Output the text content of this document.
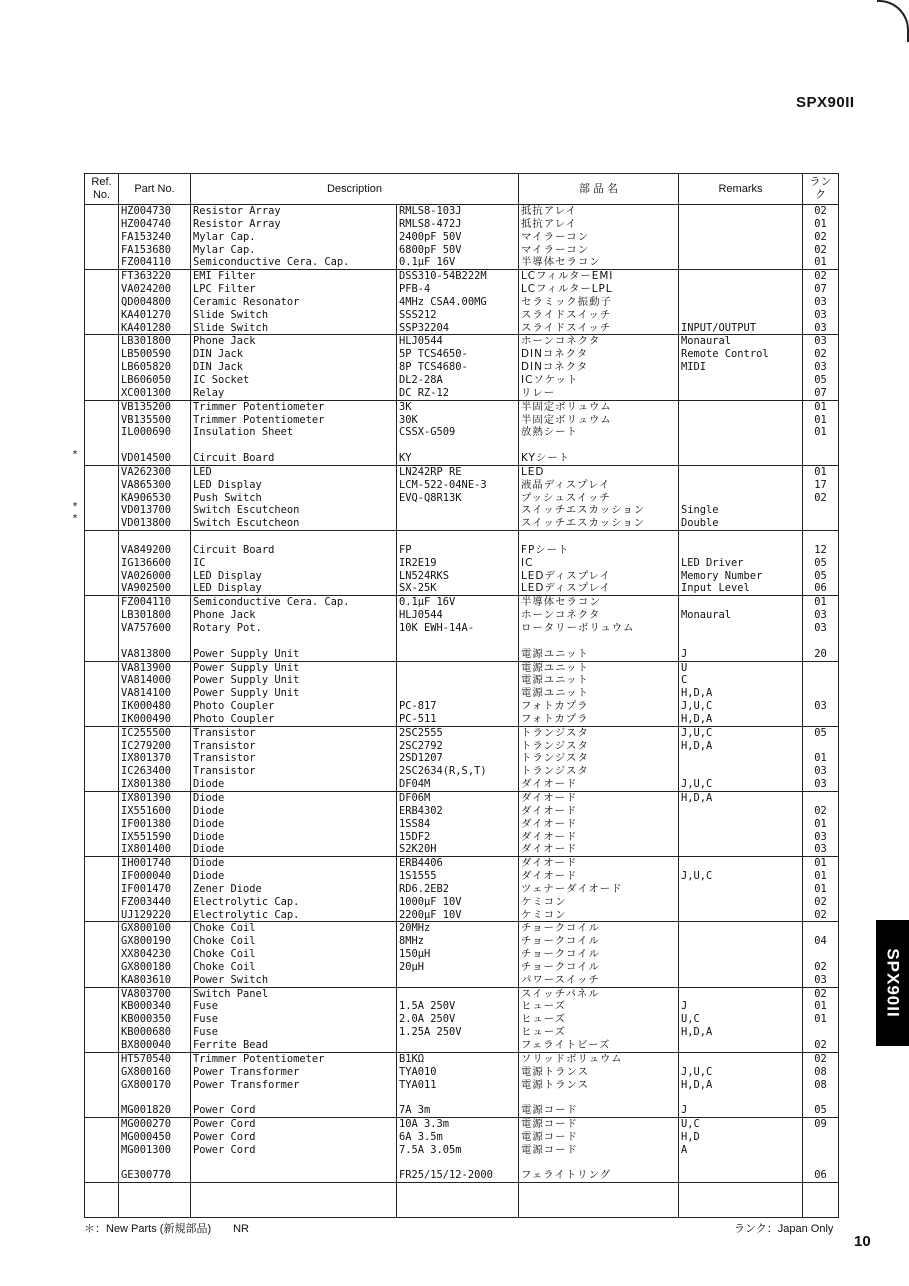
SPX90II
Ref. No.	Part No.	Description		部 品 名	Remarks	ランク
	HZ004730	Resistor Array	RMLS8-103J	抵抗アレイ		02
	HZ004740	Resistor Array	RMLS8-472J	抵抗アレイ		01
	FA153240	Mylar Cap.	2400pF 50V	マイラーコン		02
	FA153680	Mylar Cap.	6800pF 50V	マイラーコン		02
	FZ004110	Semiconductive Cera. Cap.	0.1μF 16V	半導体セラコン		01
	FT363220	EMI Filter	DSS310-54B222M	LCフィルターEMI		02
	VA024200	LPC Filter	PFB-4	LCフィルターLPL		07
	QD004800	Ceramic Resonator	4MHz CSA4.00MG	セラミック振動子		03
	KA401270	Slide Switch	SSS212	スライドスイッチ		03
	KA401280	Slide Switch	SSP32204	スライドスイッチ	INPUT/OUTPUT	03
	LB301800	Phone Jack	HLJ0544	ホーンコネクタ	Monaural	03
	LB500590	DIN Jack	5P TCS4650-	DINコネクタ	Remote Control	02
	LB605820	DIN Jack	8P TCS4680-	DINコネクタ	MIDI	03
	LB606050	IC Socket	DL2-28A	ICソケット		05
	XC001300	Relay	DC RZ-12	リレー		07
	VB135200	Trimmer Potentiometer	3K	半固定ボリュウム		01
	VB135500	Trimmer Potentiometer	30K	半固定ボリュウム		01
	IL000690	Insulation Sheet	CSSX-G509	放熱シート		01

	VD014500	Circuit Board	KY	KYシート		
	VA262300	LED	LN242RP RE	LED		01
	VA865300	LED Display	LCM-522-04NE-3	液晶ディスプレイ		17
	KA906530	Push Switch	EVQ-Q8R13K	プッシュスイッチ		02
	VD013700	Switch Escutcheon		スイッチエスカッション	Single	
	VD013800	Switch Escutcheon		スイッチエスカッション	Double	

	VA849200	Circuit Board	FP	FPシート		12
	IG136600	IC	IR2E19	IC	LED Driver	05
	VA026000	LED Display	LN524RKS	LEDディスプレイ	Memory Number	05
	VA902500	LED Display	SX-25K	LEDディスプレイ	Input Level	06
	FZ004110	Semiconductive Cera. Cap.	0.1μF 16V	半導体セラコン		01
	LB301800	Phone Jack	HLJ0544	ホーンコネクタ	Monaural	03
	VA757600	Rotary Pot.	10K EWH-14A-	ロータリーボリュウム		03

	VA813800	Power Supply Unit		電源ユニット	J	20
	VA813900	Power Supply Unit		電源ユニット	U	
	VA814000	Power Supply Unit		電源ユニット	C	
	VA814100	Power Supply Unit		電源ユニット	H,D,A	
	IK000480	Photo Coupler	PC-817	フォトカプラ	J,U,C	03
	IK000490	Photo Coupler	PC-511	フォトカプラ	H,D,A	
	IC255500	Transistor	2SC2555	トランジスタ	J,U,C	05
	IC279200	Transistor	2SC2792	トランジスタ	H,D,A	
	IX801370	Transistor	2SD1207	トランジスタ		01
	IC263400	Transistor	2SC2634(R,S,T)	トランジスタ		03
	IX801380	Diode	DF04M	ダイオード	J,U,C	03
	IX801390	Diode	DF06M	ダイオード	H,D,A	
	IX551600	Diode	ERB4302	ダイオード		02
	IF001380	Diode	1SS84	ダイオード		01
	IX551590	Diode	15DF2	ダイオード		03
	IX801400	Diode	S2K20H	ダイオード		03
	IH001740	Diode	ERB4406	ダイオード		01
	IF000040	Diode	1S1555	ダイオード	J,U,C	01
	IF001470	Zener Diode	RD6.2EB2	ツェナーダイオード		01
	FZ003440	Electrolytic Cap.	1000μF 10V	ケミコン		02
	UJ129220	Electrolytic Cap.	2200μF 10V	ケミコン		02
	GX800100	Choke Coil	20MHz	チョークコイル		
	GX800190	Choke Coil	8MHz	チョークコイル		04
	XX804230	Choke Coil	150μH	チョークコイル		
	GX800180	Choke Coil	20μH	チョークコイル		02
	KA803610	Power Switch		パワースイッチ		03
	VA803700	Switch Panel		スイッチパネル		02
	KB000340	Fuse	1.5A 250V	ヒューズ	J	01
	KB000350	Fuse	2.0A 250V	ヒューズ	U,C	01
	KB000680	Fuse	1.25A 250V	ヒューズ	H,D,A	
	BX800040	Ferrite Bead		フェライトビーズ		02
	HT570540	Trimmer Potentiometer	B1KΩ	ソリッドボリュウム		02
	GX800160	Power Transformer	TYA010	電源トランス	J,U,C	08
	GX800170	Power Transformer	TYA011	電源トランス	H,D,A	08

	MG001820	Power Cord	7A 3m	電源コード	J	05
	MG000270	Power Cord	10A 3.3m	電源コード	U,C	09
	MG000450	Power Cord	6A 3.5m	電源コード	H,D	
	MG001300	Power Cord	7.5A 3.05m	電源コード	A	

	GE300770		FR25/15/12-2000	フェライトリング		06

*
*
*
SPX90II
＊：New Parts (新規部品)　　NR	ランク：Japan Only
10
